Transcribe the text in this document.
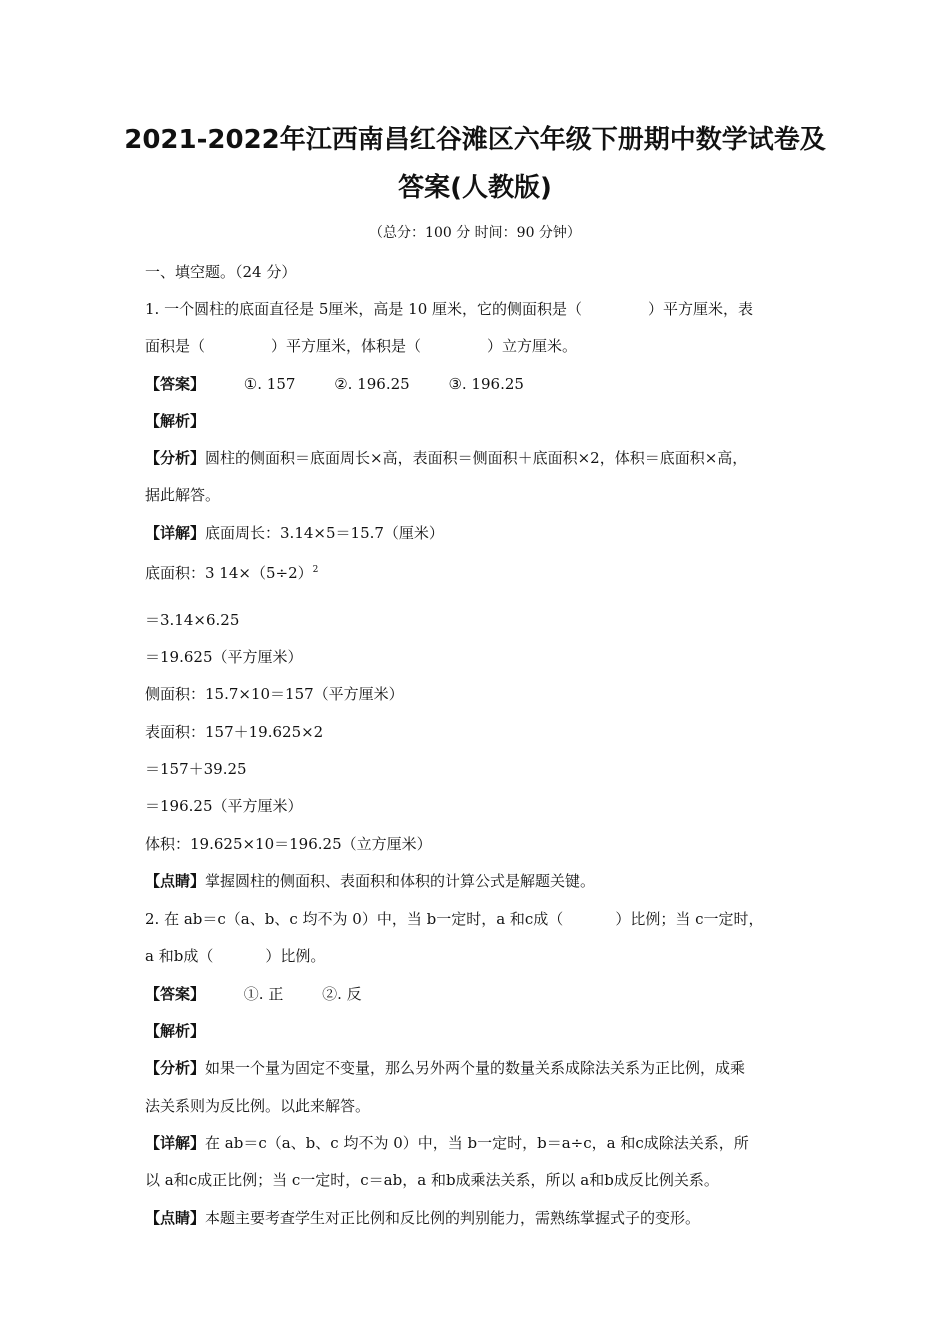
2021-2022年江西南昌红谷滩区六年级下册期中数学试卷及
答案(人教版)
（总分：100 分 时间：90 分钟）
一、填空题。（24 分）
1. 一个圆柱的底面直径是 5厘米，高是 10 厘米，它的侧面积是（	）平方厘米，表
面积是（	）平方厘米，体积是（	）立方厘米。
【答案】	①. 157	②. 196.25	③. 196.25
【解析】
【分析】圆柱的侧面积＝底面周长×高，表面积＝侧面积＋底面积×2，体积＝底面积×高，
据此解答。
【详解】底面周长：3.14×5＝15.7（厘米）
底面积：3 $14\times(5\div 2)^2$
＝3.14×6.25
＝19.625（平方厘米）
侧面积：15.7×10＝157（平方厘米）
表面积：157＋19.625×2
＝157＋39.25
＝196.25（平方厘米）
体积：19.625×10＝196.25（立方厘米）
【点睛】掌握圆柱的侧面积、表面积和体积的计算公式是解题关键。
2. 在 ab＝c（a、b、c 均不为 0）中，当 b一定时，a 和c成（	）比例；当 c一定时，
a 和b成（	）比例。
【答案】	①. 正	②. 反
【解析】
【分析】如果一个量为固定不变量，那么另外两个量的数量关系成除法关系为正比例，成乘
法关系则为反比例。以此来解答。
【详解】在 ab＝c（a、b、c 均不为 0）中，当 b一定时，b＝a÷c，a 和c成除法关系，所
以 a和c成正比例；当 c一定时，c＝ab，a 和b成乘法关系，所以 a和b成反比例关系。
【点睛】本题主要考查学生对正比例和反比例的判别能力，需熟练掌握式子的变形。
